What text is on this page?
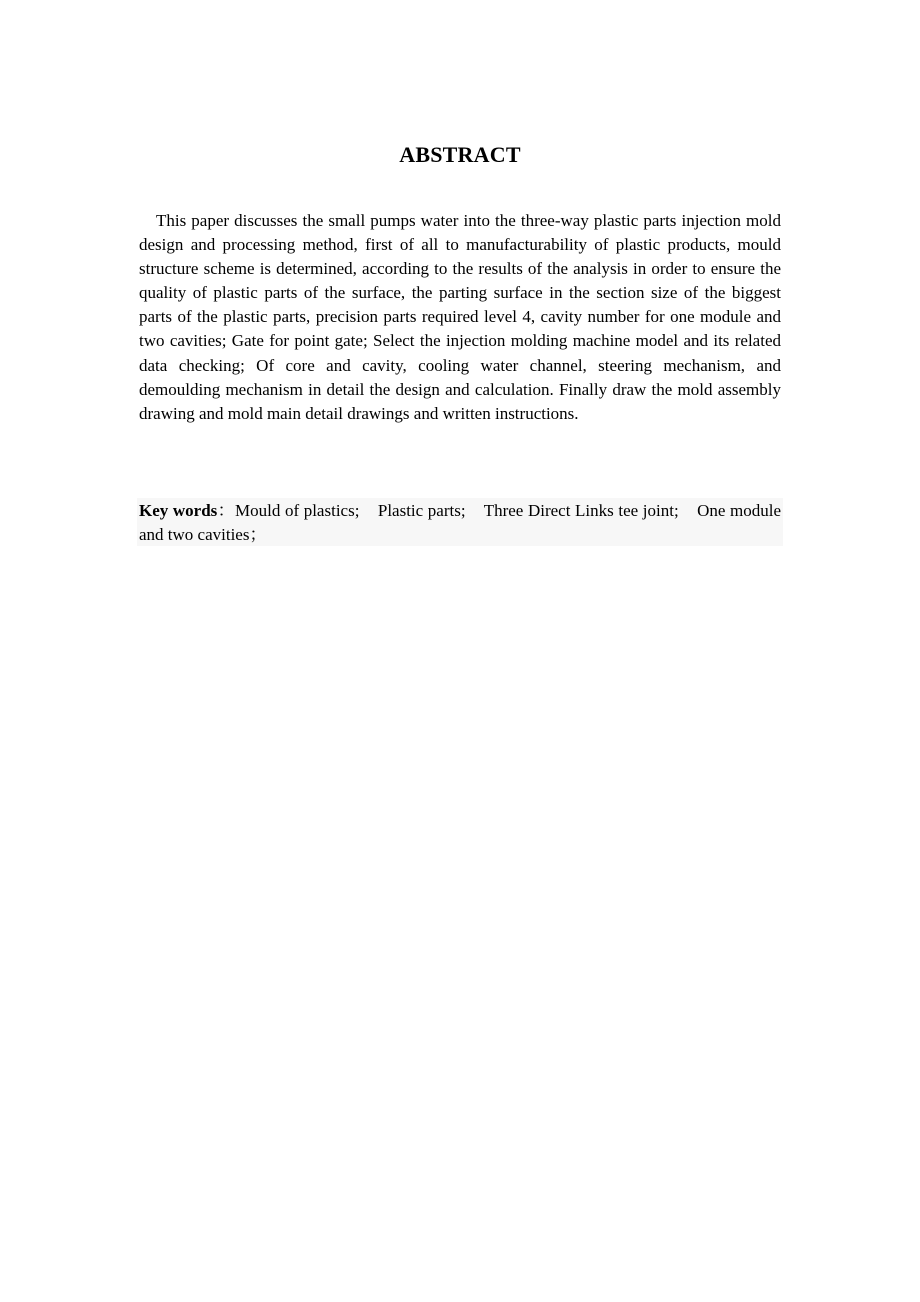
ABSTRACT

This paper discusses the small pumps water into the three-way plastic parts injection mold design and processing method, first of all to manufacturability of plastic products, mould structure scheme is determined, according to the results of the analysis in order to ensure the quality of plastic parts of the surface, the parting surface in the section size of the biggest parts of the plastic parts, precision parts required level 4, cavity number for one module and two cavities; Gate for point gate; Select the injection molding machine model and its related data checking; Of core and cavity, cooling water channel, steering mechanism, and demoulding mechanism in detail the design and calculation. Finally draw the mold assembly drawing and mold main detail drawings and written instructions.

Key words：Mould of plastics; Plastic parts; Three Direct Links tee joint; One module and two cavities；
